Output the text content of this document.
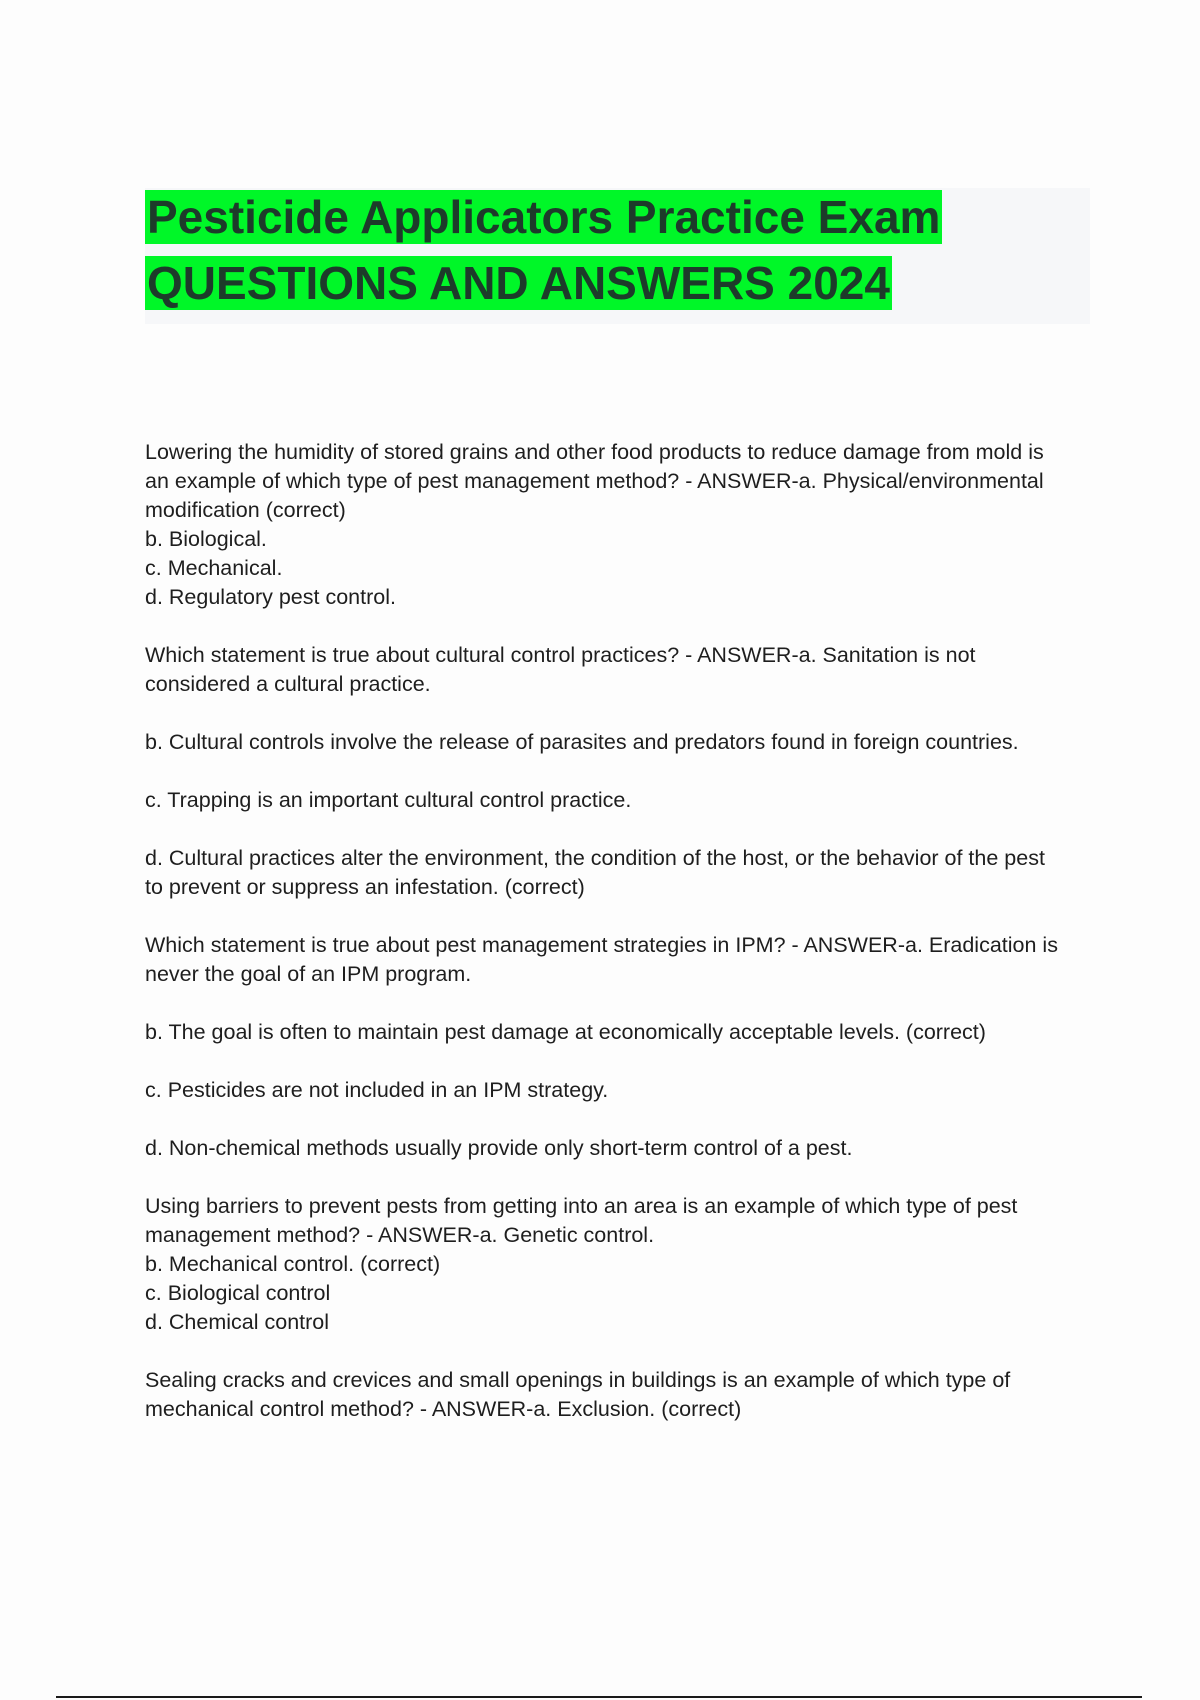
Pesticide Applicators Practice Exam
QUESTIONS AND ANSWERS 2024

Lowering the humidity of stored grains and other food products to reduce damage from mold is
an example of which type of pest management method? - ANSWER-a. Physical/environmental
modification (correct)
b. Biological.
c. Mechanical.
d. Regulatory pest control.

Which statement is true about cultural control practices? - ANSWER-a. Sanitation is not
considered a cultural practice.

b. Cultural controls involve the release of parasites and predators found in foreign countries.

c. Trapping is an important cultural control practice.

d. Cultural practices alter the environment, the condition of the host, or the behavior of the pest
to prevent or suppress an infestation. (correct)

Which statement is true about pest management strategies in IPM? - ANSWER-a. Eradication is
never the goal of an IPM program.

b. The goal is often to maintain pest damage at economically acceptable levels. (correct)

c. Pesticides are not included in an IPM strategy.

d. Non-chemical methods usually provide only short-term control of a pest.

Using barriers to prevent pests from getting into an area is an example of which type of pest
management method? - ANSWER-a. Genetic control.
b. Mechanical control. (correct)
c. Biological control
d. Chemical control

Sealing cracks and crevices and small openings in buildings is an example of which type of
mechanical control method? - ANSWER-a. Exclusion. (correct)
